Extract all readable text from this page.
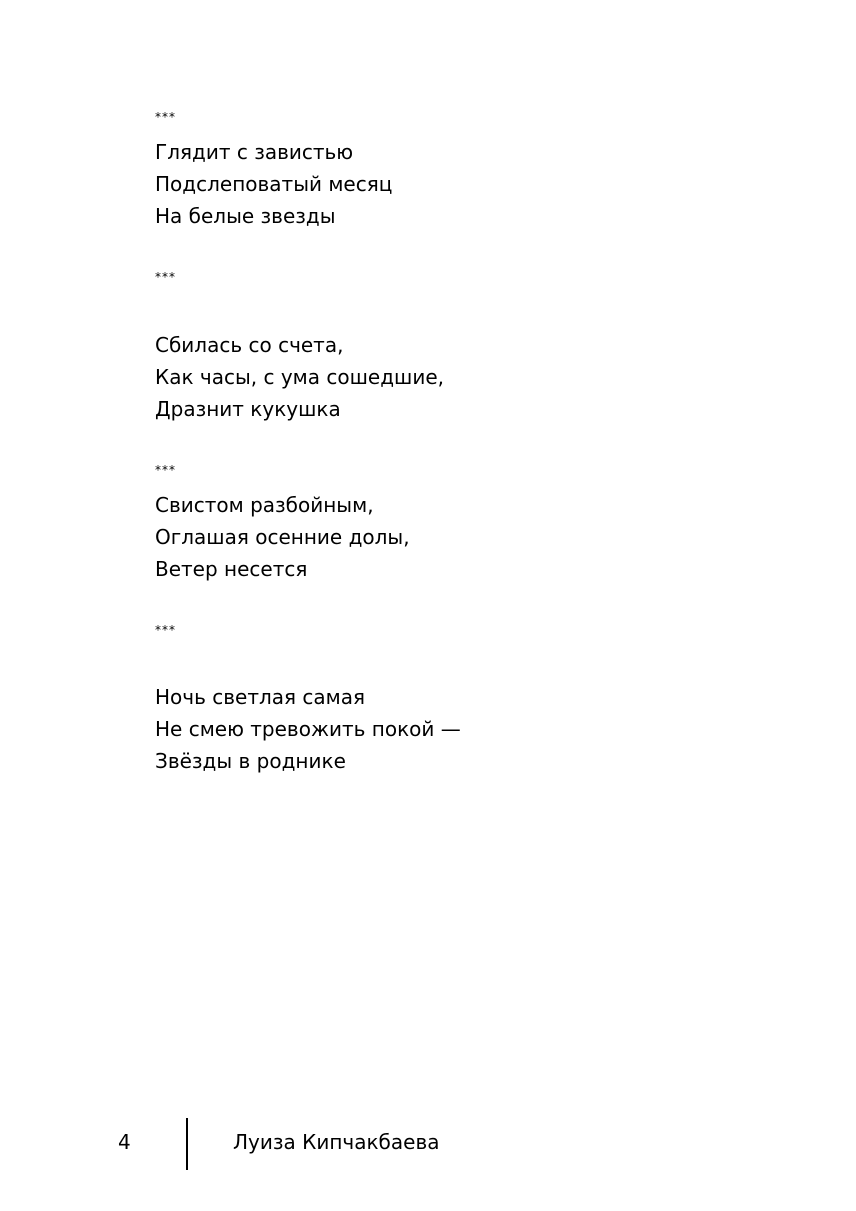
***
Глядит с завистью
Подслеповатый месяц
На белые звезды
***
Сбилась со счета,
Как часы, с ума сошедшие,
Дразнит кукушка
***
Свистом разбойным,
Оглашая осенние долы,
Ветер несется
***
Ночь светлая самая
Не смею тревожить покой —
Звёзды в роднике
4	Луиза Кипчакбаева
